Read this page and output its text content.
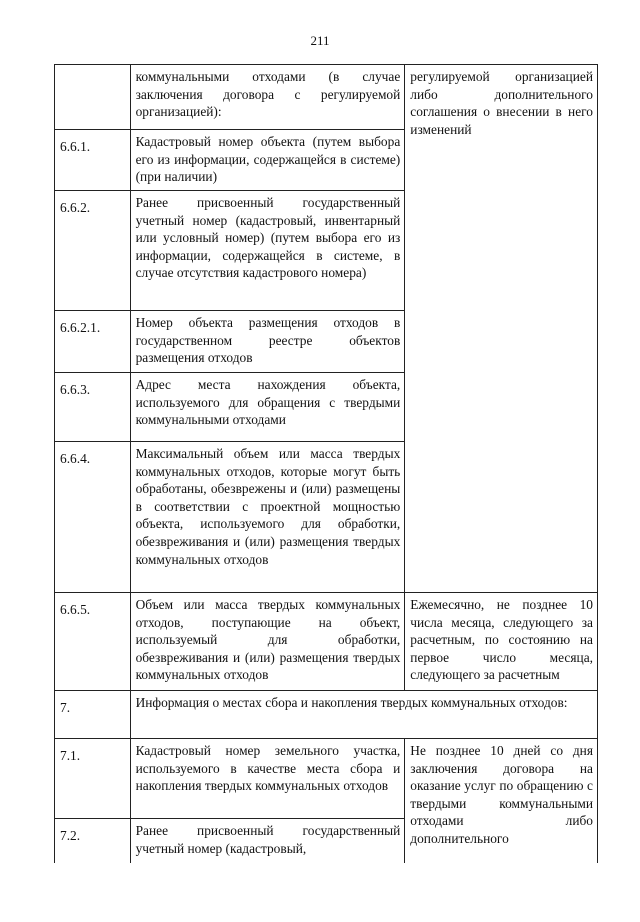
211
	коммунальными отходами (в случае заключения договора с регулируемой организацией):	регулируемой организацией либо дополнительного соглашения о внесении в него изменений
6.6.1.	Кадастровый номер объекта (путем выбора его из информации, содержащейся в системе) (при наличии)	
6.6.2.	Ранее присвоенный государственный учетный номер (кадастровый, инвентарный или условный номер) (путем выбора его из информации, содержащейся в системе, в случае отсутствия кадастрового номера)	
6.6.2.1.	Номер объекта размещения отходов в государственном реестре объектов размещения отходов	
6.6.3.	Адрес места нахождения объекта, используемого для обращения с твердыми коммунальными отходами	
6.6.4.	Максимальный объем или масса твердых коммунальных отходов, которые могут быть обработаны, обезврежены и (или) размещены в соответствии с проектной мощностью объекта, используемого для обработки, обезвреживания и (или) размещения твердых коммунальных отходов	
6.6.5.	Объем или масса твердых коммунальных отходов, поступающие на объект, используемый для обработки, обезвреживания и (или) размещения твердых коммунальных отходов	Ежемесячно, не позднее 10 числа месяца, следующего за расчетным, по состоянию на первое число месяца, следующего за расчетным
7.	Информация о местах сбора и накопления твердых коммунальных отходов:	
7.1.	Кадастровый номер земельного участка, используемого в качестве места сбора и накопления твердых коммунальных отходов	Не позднее 10 дней со дня заключения договора на оказание услуг по обращению с твердыми коммунальными отходами либо дополнительного
7.2.	Ранее присвоенный государственный учетный номер (кадастровый,	
